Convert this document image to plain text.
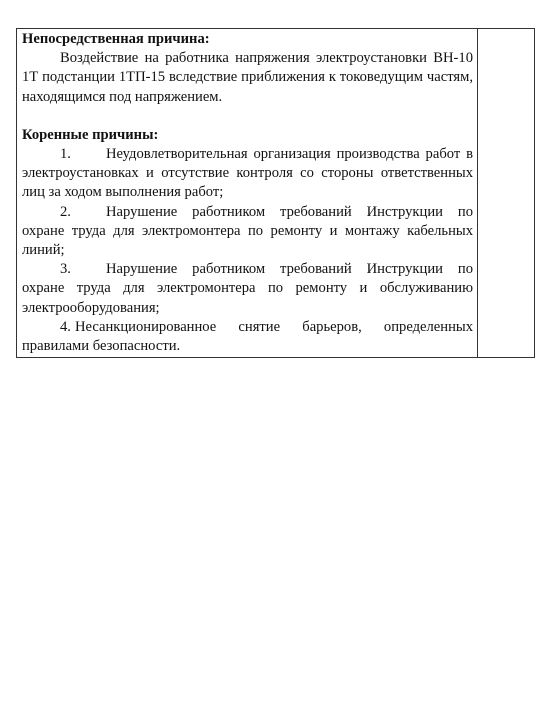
Непосредственная причина:

Воздействие на работника напряжения электроустановки ВН-10 1Т подстанции 1ТП-15 вследствие приближения к токоведущим частям, находящимся под напряжением.

Коренные причины:

1. Неудовлетворительная организация производства работ в электроустановках и отсутствие контроля со стороны ответственных лиц за ходом выполнения работ;

2. Нарушение работником требований Инструкции по охране труда для электромонтера по ремонту и монтажу кабельных линий;

3. Нарушение работником требований Инструкции по охране труда для электромонтера по ремонту и обслуживанию электрооборудования;

4. Несанкционированное снятие барьеров, определенных правилами безопасности.
